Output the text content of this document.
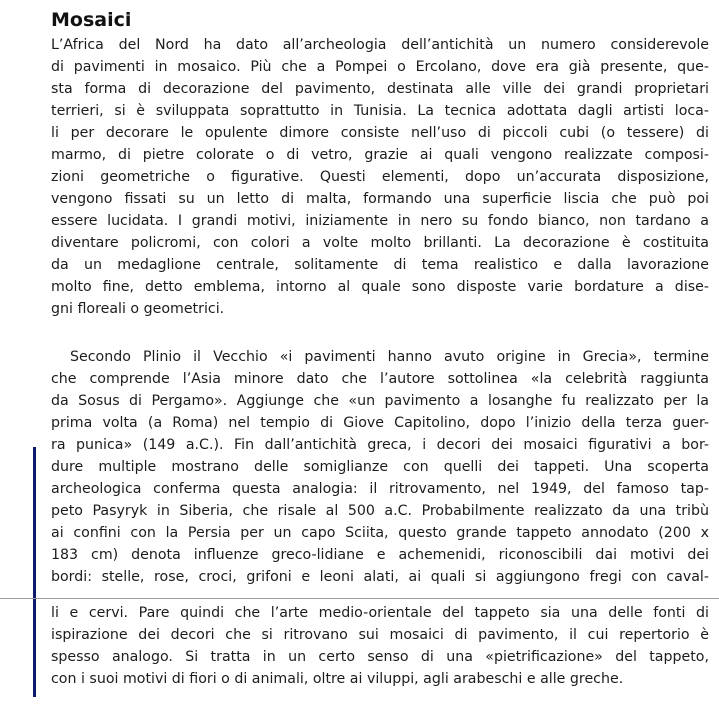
Mosaici
L’Africa del Nord ha dato all’archeologia dell’antichità un numero considerevole
di pavimenti in mosaico. Più che a Pompei o Ercolano, dove era già presente, que-
sta forma di decorazione del pavimento, destinata alle ville dei grandi proprietari
terrieri, si è sviluppata soprattutto in Tunisia. La tecnica adottata dagli artisti loca-
li per decorare le opulente dimore consiste nell’uso di piccoli cubi (o tessere) di
marmo, di pietre colorate o di vetro, grazie ai quali vengono realizzate composi-
zioni geometriche o figurative. Questi elementi, dopo un’accurata disposizione,
vengono fissati su un letto di malta, formando una superficie liscia che può poi
essere lucidata. I grandi motivi, iniziamente in nero su fondo bianco, non tardano a
diventare policromi, con colori a volte molto brillanti. La decorazione è costituita
da un medaglione centrale, solitamente di tema realistico e dalla lavorazione
molto fine, detto emblema, intorno al quale sono disposte varie bordature a dise-
gni floreali o geometrici.
Secondo Plinio il Vecchio «i pavimenti hanno avuto origine in Grecia», termine
che comprende l’Asia minore dato che l’autore sottolinea «la celebrità raggiunta
da Sosus di Pergamo». Aggiunge che «un pavimento a losanghe fu realizzato per la
prima volta (a Roma) nel tempio di Giove Capitolino, dopo l’inizio della terza guer-
ra punica» (149 a.C.). Fin dall’antichità greca, i decori dei mosaici figurativi a bor-
dure multiple mostrano delle somiglianze con quelli dei tappeti. Una scoperta
archeologica conferma questa analogia: il ritrovamento, nel 1949, del famoso tap-
peto Pasyryk in Siberia, che risale al 500 a.C. Probabilmente realizzato da una tribù
ai confini con la Persia per un capo Sciita, questo grande tappeto annodato (200 x
183 cm) denota influenze greco-lidiane e achemenidi, riconoscibili dai motivi dei
bordi: stelle, rose, croci, grifoni e leoni alati, ai quali si aggiungono fregi con caval-
li e cervi. Pare quindi che l’arte medio-orientale del tappeto sia una delle fonti di
ispirazione dei decori che si ritrovano sui mosaici di pavimento, il cui repertorio è
spesso analogo. Si tratta in un certo senso di una «pietrificazione» del tappeto,
con i suoi motivi di fiori o di animali, oltre ai viluppi, agli arabeschi e alle greche.
